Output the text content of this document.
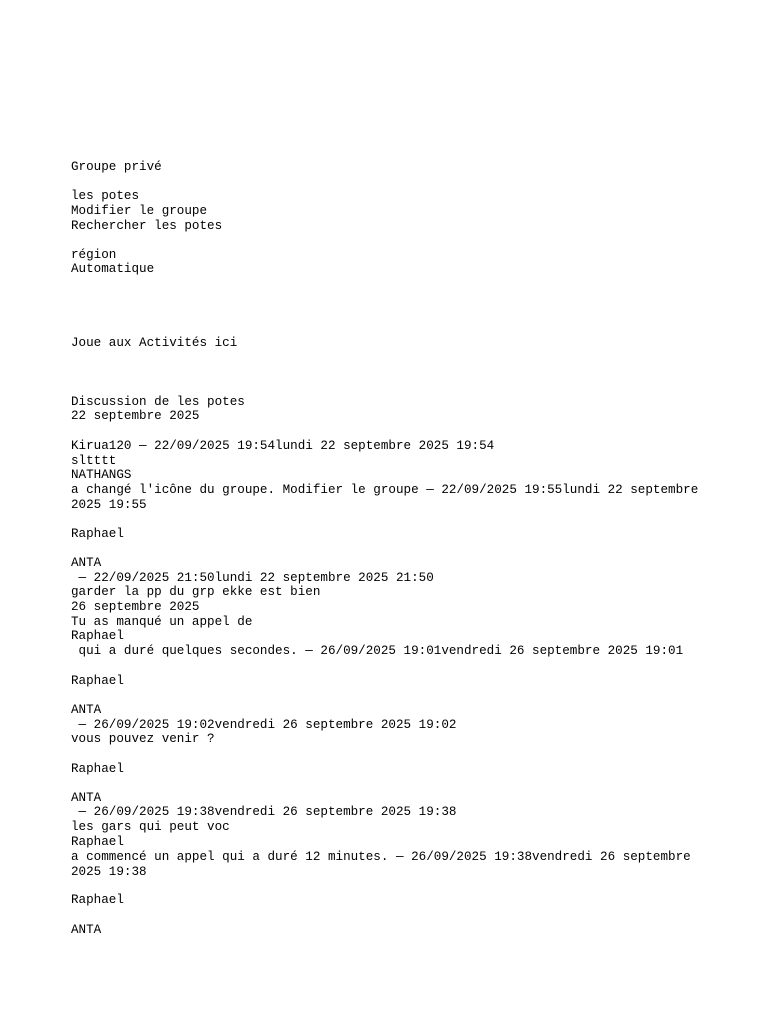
Groupe privé
les potes
Modifier le groupe
Rechercher les potes
région
Automatique
Joue aux Activités ici
Discussion de les potes
22 septembre 2025
Kirua120 — 22/09/2025 19:54lundi 22 septembre 2025 19:54
sltttt
NATHANGS
a changé l'icône du groupe. Modifier le groupe — 22/09/2025 19:55lundi 22 septembre 2025 19:55
Raphael
ANTA
— 22/09/2025 21:50lundi 22 septembre 2025 21:50
garder la pp du grp ekke est bien
26 septembre 2025
Tu as manqué un appel de
Raphael
qui a duré quelques secondes. — 26/09/2025 19:01vendredi 26 septembre 2025 19:01
Raphael
ANTA
— 26/09/2025 19:02vendredi 26 septembre 2025 19:02
vous pouvez venir ?
Raphael
ANTA
— 26/09/2025 19:38vendredi 26 septembre 2025 19:38
les gars qui peut voc
Raphael
a commencé un appel qui a duré 12 minutes. — 26/09/2025 19:38vendredi 26 septembre 2025 19:38
Raphael
ANTA
